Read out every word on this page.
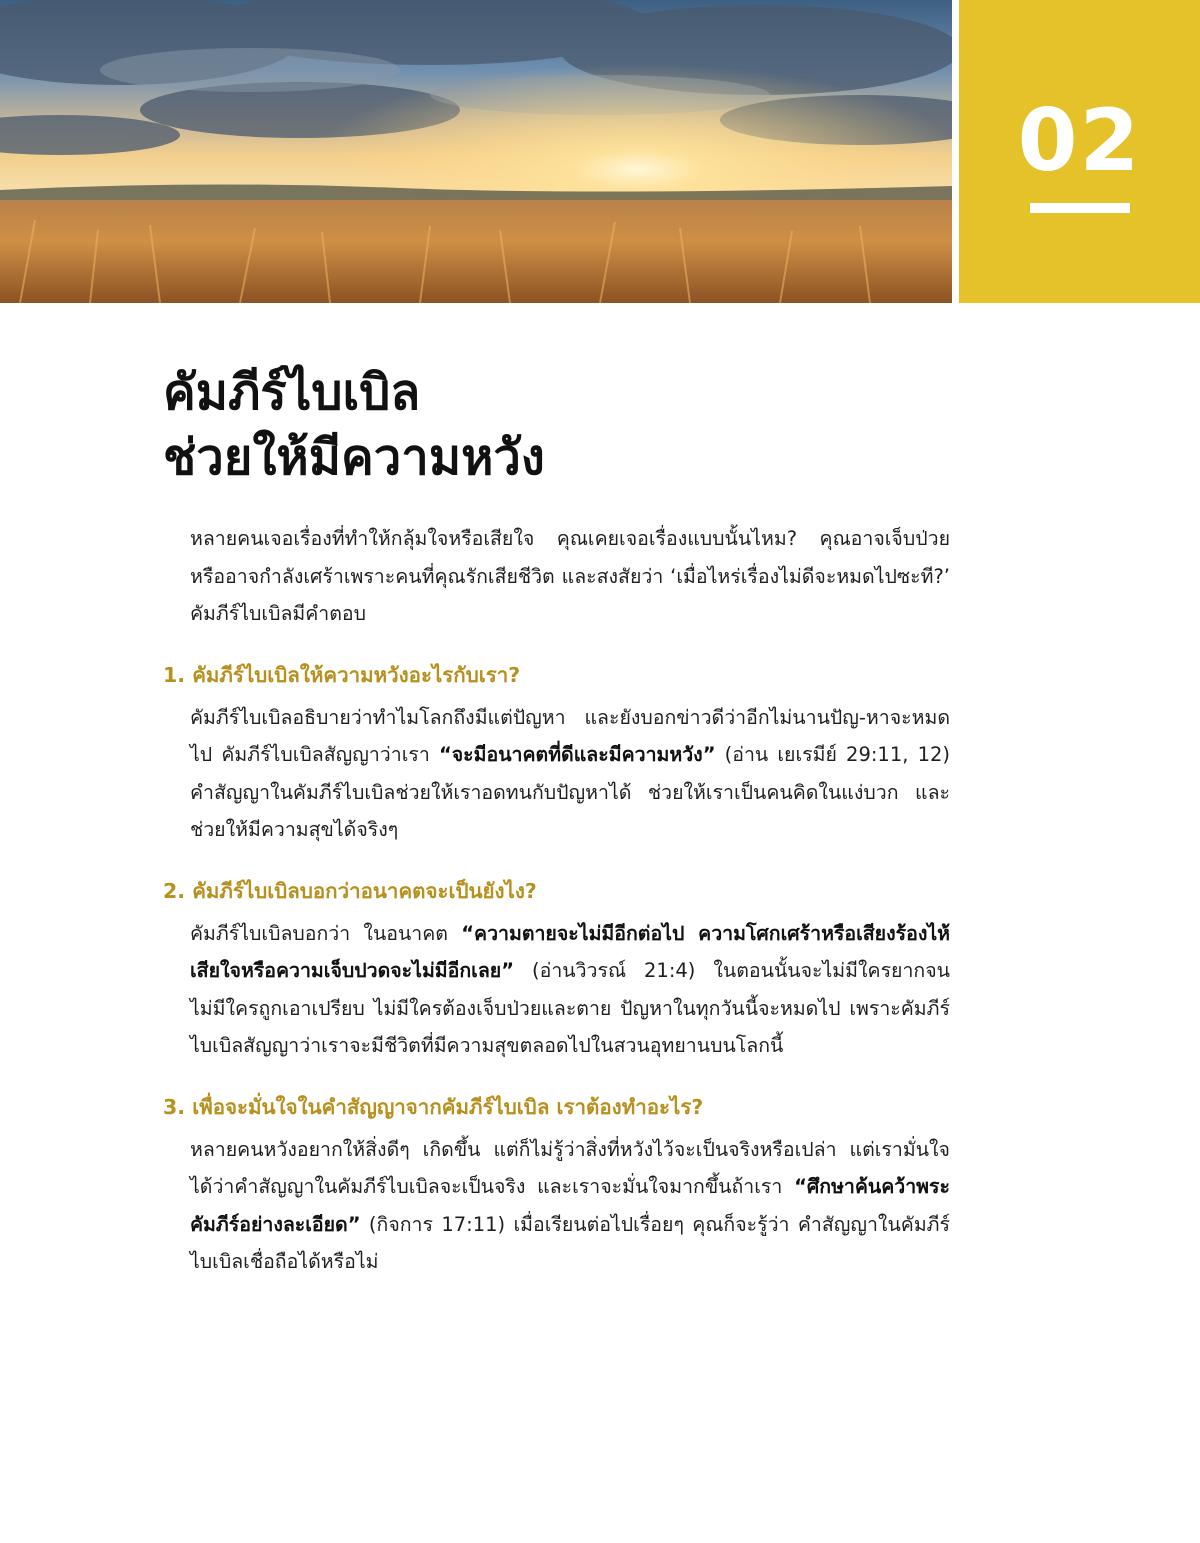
02
คัมภีร์ไบเบิล
ช่วยให้มีความหวัง

หลายคนเจอเรื่องที่ทำให้กลุ้มใจหรือเสียใจ คุณเคยเจอเรื่องแบบนั้นไหม? คุณอาจเจ็บป่วย หรืออาจกำลังเศร้าเพราะคนที่คุณรักเสียชีวิต และสงสัยว่า ‘เมื่อไหร่เรื่องไม่ดีจะหมดไปซะที?’ คัมภีร์ไบเบิลมีคำตอบ

1. คัมภีร์ไบเบิลให้ความหวังอะไรกับเรา?

คัมภีร์ไบเบิลอธิบายว่าทำไมโลกถึงมีแต่ปัญหา และยังบอกข่าวดีว่าอีกไม่นานปัญ-หาจะหมดไป คัมภีร์ไบเบิลสัญญาว่าเรา “จะมีอนาคตที่ดีและมีความหวัง” (อ่าน เยเรมีย์ 29:11, 12) คำสัญญาในคัมภีร์ไบเบิลช่วยให้เราอดทนกับปัญหาได้ ช่วยให้เราเป็นคนคิดในแง่บวก และช่วยให้มีความสุขได้จริงๆ

2. คัมภีร์ไบเบิลบอกว่าอนาคตจะเป็นยังไง?

คัมภีร์ไบเบิลบอกว่า ในอนาคต “ความตายจะไม่มีอีกต่อไป ความโศกเศร้าหรือเสียงร้องไห้เสียใจหรือความเจ็บปวดจะไม่มีอีกเลย” (อ่านวิวรณ์ 21:4) ในตอนนั้นจะไม่มีใครยากจน ไม่มีใครถูกเอาเปรียบ ไม่มีใครต้องเจ็บป่วยและตาย ปัญหาในทุกวันนี้จะหมดไป เพราะคัมภีร์ไบเบิลสัญญาว่าเราจะมีชีวิตที่มีความสุขตลอดไปในสวนอุทยานบนโลกนี้

3. เพื่อจะมั่นใจในคำสัญญาจากคัมภีร์ไบเบิล เราต้องทำอะไร?

หลายคนหวังอยากให้สิ่งดีๆ เกิดขึ้น แต่ก็ไม่รู้ว่าสิ่งที่หวังไว้จะเป็นจริงหรือเปล่า แต่เรามั่นใจได้ว่าคำสัญญาในคัมภีร์ไบเบิลจะเป็นจริง และเราจะมั่นใจมากขึ้นถ้าเรา “ศึกษาค้นคว้าพระคัมภีร์อย่างละเอียด” (กิจการ 17:11) เมื่อเรียนต่อไปเรื่อยๆ คุณก็จะรู้ว่า คำสัญญาในคัมภีร์ไบเบิลเชื่อถือได้หรือไม่
